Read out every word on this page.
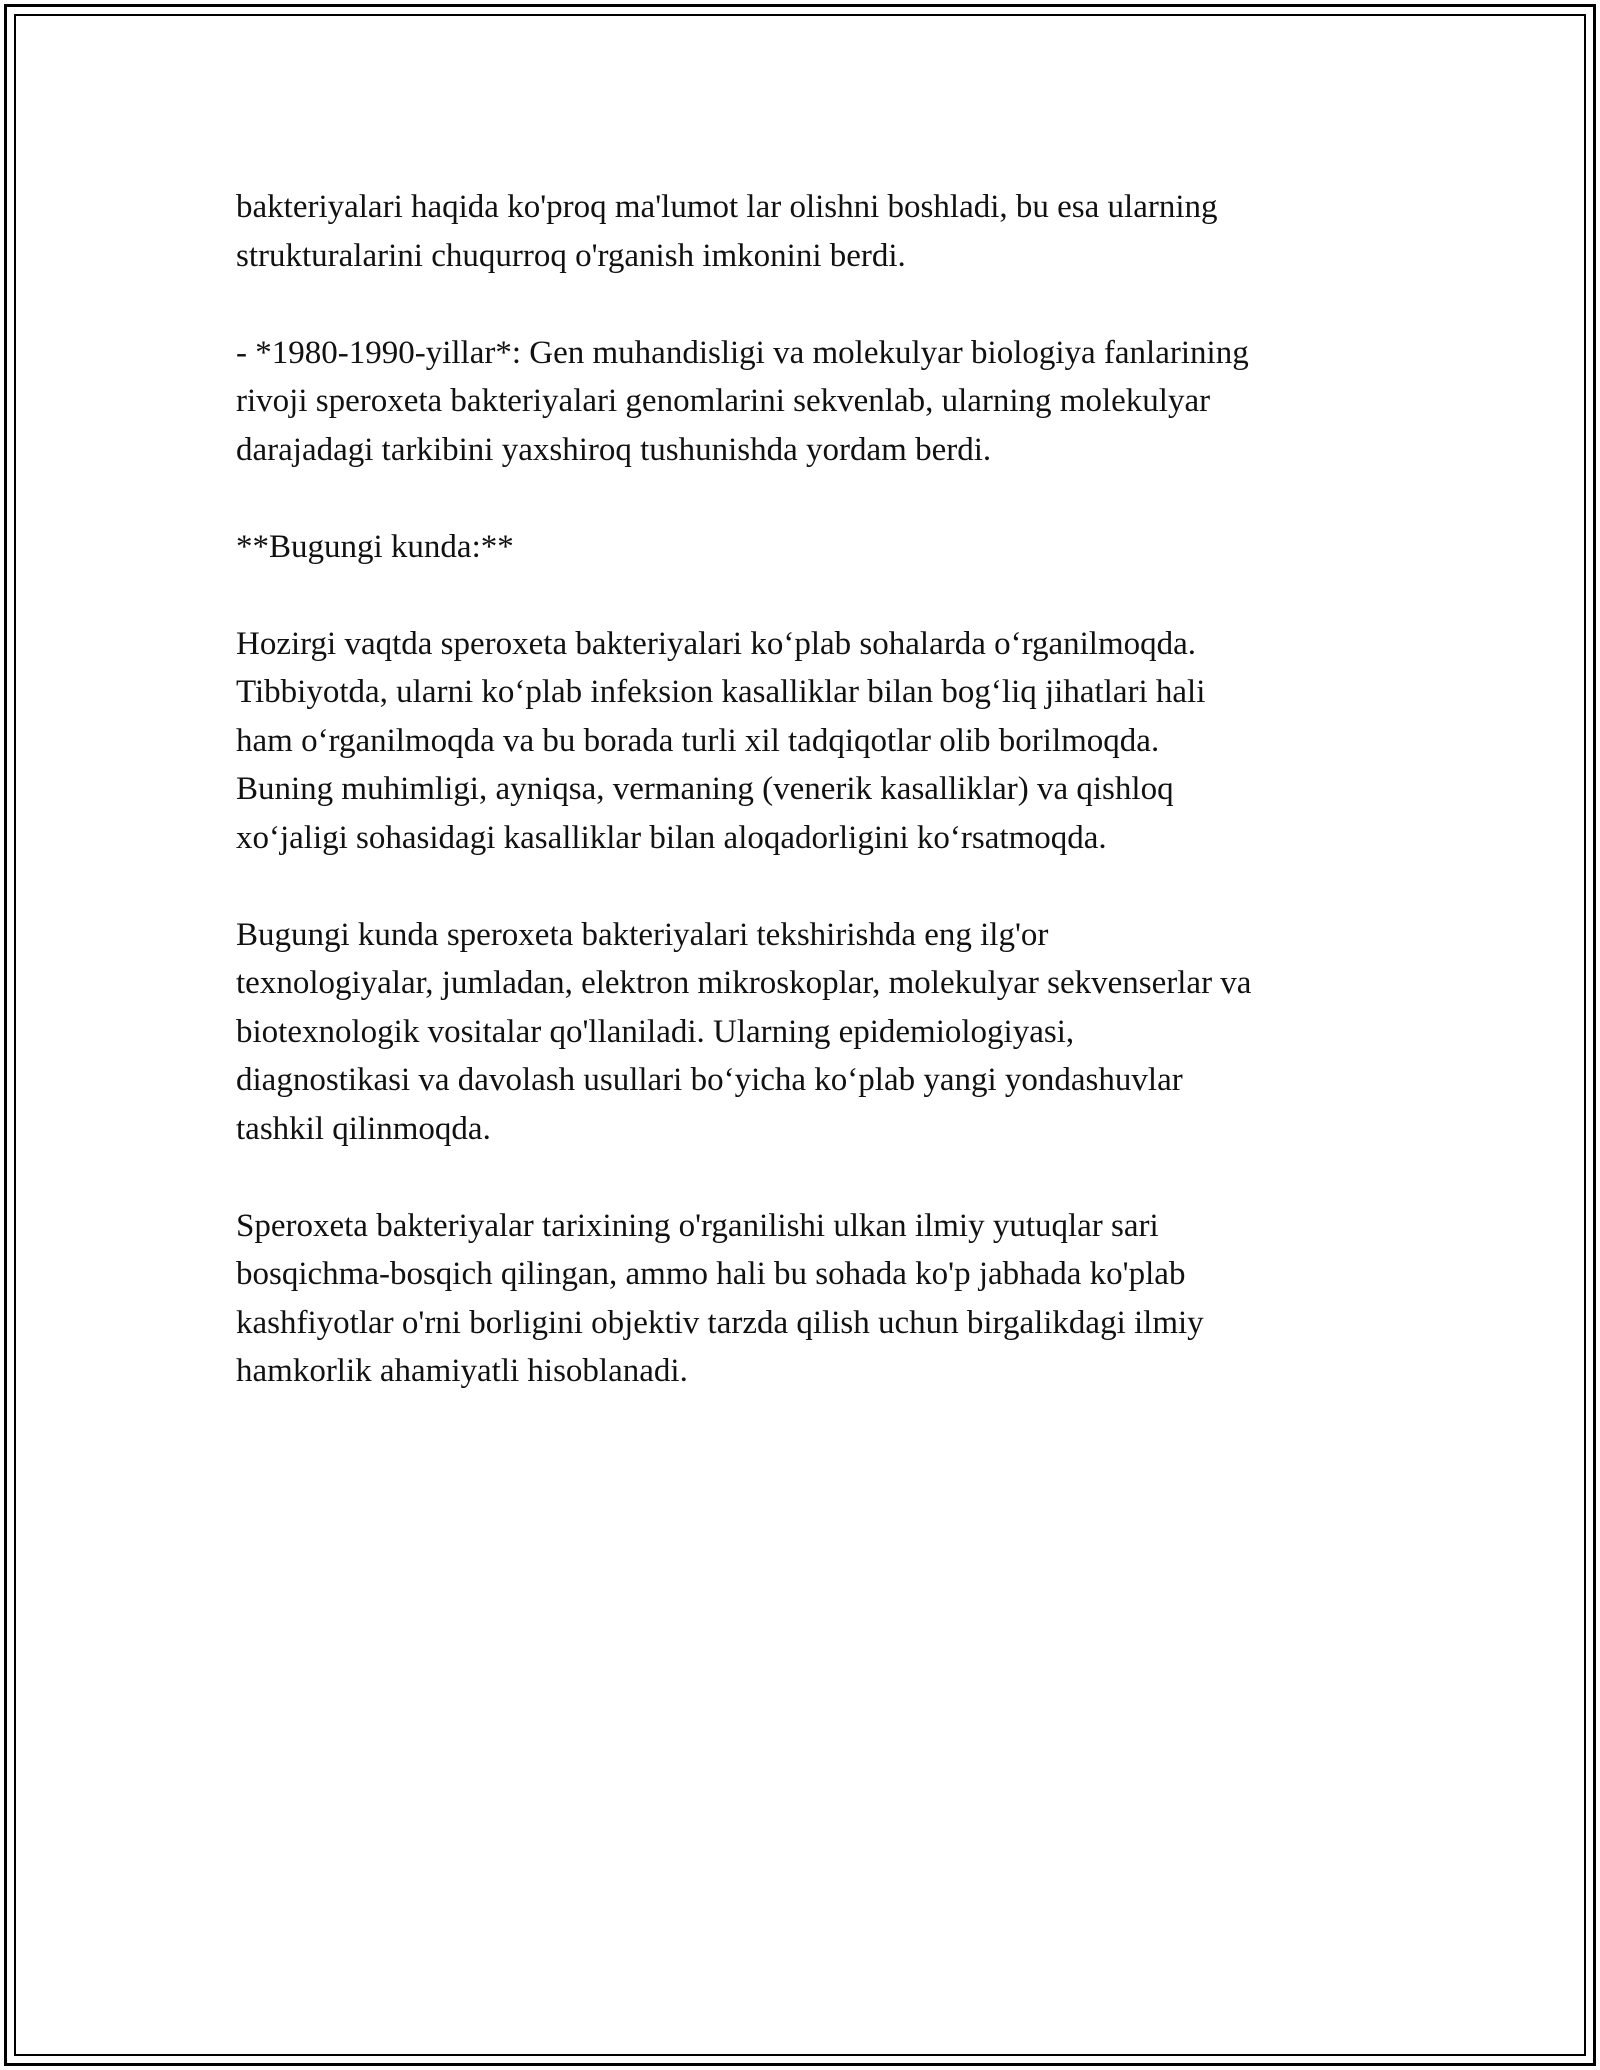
bakteriyalari haqida ko'proq ma'lumot lar olishni boshladi, bu esa ularning
strukturalarini chuqurroq o'rganish imkonini berdi.

- *1980-1990-yillar*: Gen muhandisligi va molekulyar biologiya fanlarining
rivoji speroxeta bakteriyalari genomlarini sekvenlab, ularning molekulyar
darajadagi tarkibini yaxshiroq tushunishda yordam berdi.

**Bugungi kunda:**

Hozirgi vaqtda speroxeta bakteriyalari koʻplab sohalarda oʻrganilmoqda.
Tibbiyotda, ularni koʻplab infeksion kasalliklar bilan bogʻliq jihatlari hali
ham oʻrganilmoqda va bu borada turli xil tadqiqotlar olib borilmoqda.
Buning muhimligi, ayniqsa, vermaning (venerik kasalliklar) va qishloq
xoʻjaligi sohasidagi kasalliklar bilan aloqadorligini koʻrsatmoqda.

Bugungi kunda speroxeta bakteriyalari tekshirishda eng ilg'or
texnologiyalar, jumladan, elektron mikroskoplar, molekulyar sekvenserlar va
biotexnologik vositalar qo'llaniladi. Ularning epidemiologiyasi,
diagnostikasi va davolash usullari boʻyicha koʻplab yangi yondashuvlar
tashkil qilinmoqda.

Speroxeta bakteriyalar tarixining o'rganilishi ulkan ilmiy yutuqlar sari
bosqichma-bosqich qilingan, ammo hali bu sohada ko'p jabhada ko'plab
kashfiyotlar o'rni borligini objektiv tarzda qilish uchun birgalikdagi ilmiy
hamkorlik ahamiyatli hisoblanadi.
